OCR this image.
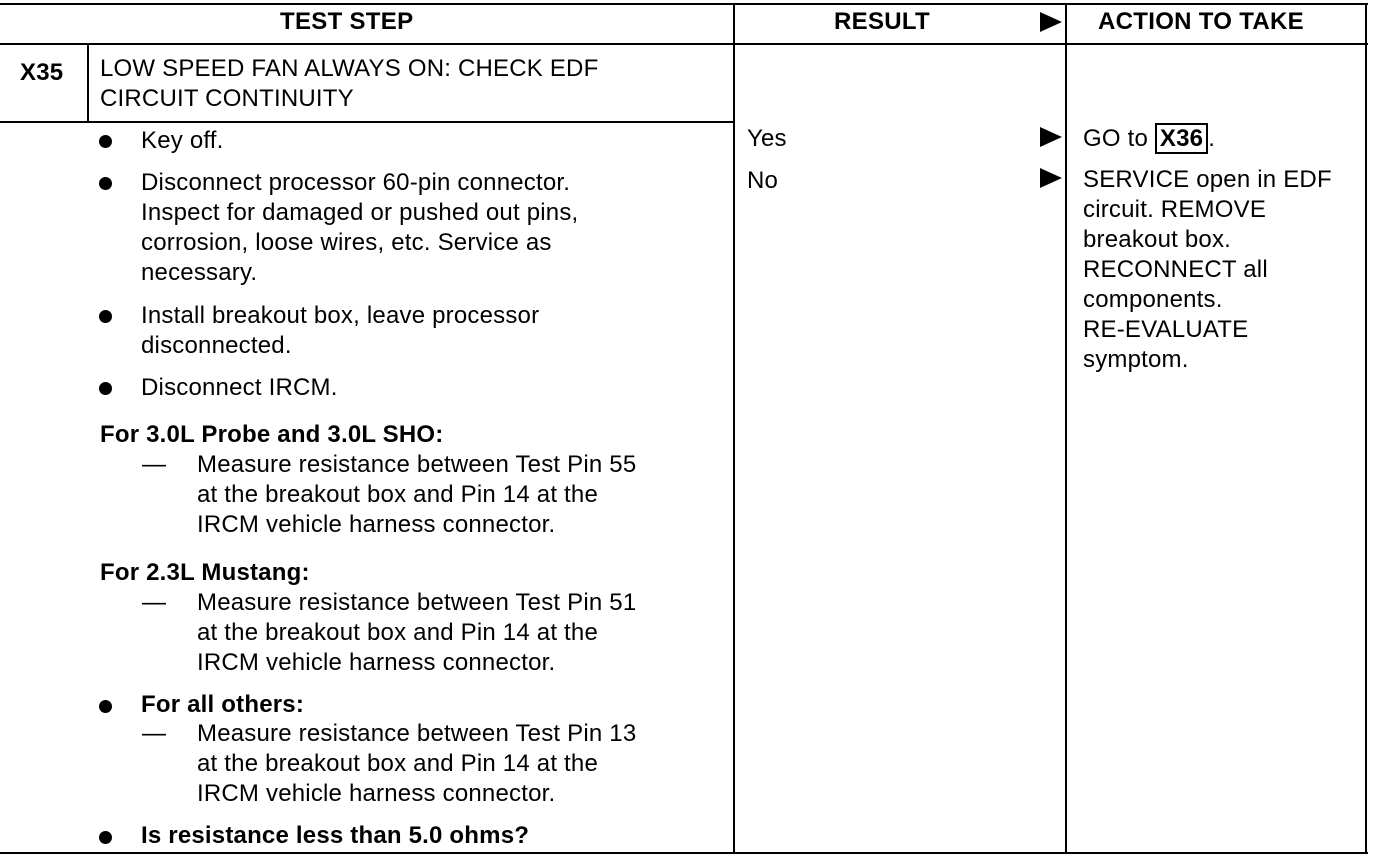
TEST STEP	RESULT	ACTION TO TAKE
X35 LOW SPEED FAN ALWAYS ON: CHECK EDF
CIRCUIT CONTINUITY
Key off.
Disconnect processor 60-pin connector.
Inspect for damaged or pushed out pins,
corrosion, loose wires, etc. Service as
necessary.
Install breakout box, leave processor
disconnected.
Disconnect IRCM.
For 3.0L Probe and 3.0L SHO:
— Measure resistance between Test Pin 55
at the breakout box and Pin 14 at the
IRCM vehicle harness connector.
For 2.3L Mustang:
— Measure resistance between Test Pin 51
at the breakout box and Pin 14 at the
IRCM vehicle harness connector.
For all others:
— Measure resistance between Test Pin 13
at the breakout box and Pin 14 at the
IRCM vehicle harness connector.
Is resistance less than 5.0 ohms?
Yes
No
GO to X36 .
SERVICE open in EDF
circuit. REMOVE
breakout box.
RECONNECT all
components.
RE-EVALUATE
symptom.
